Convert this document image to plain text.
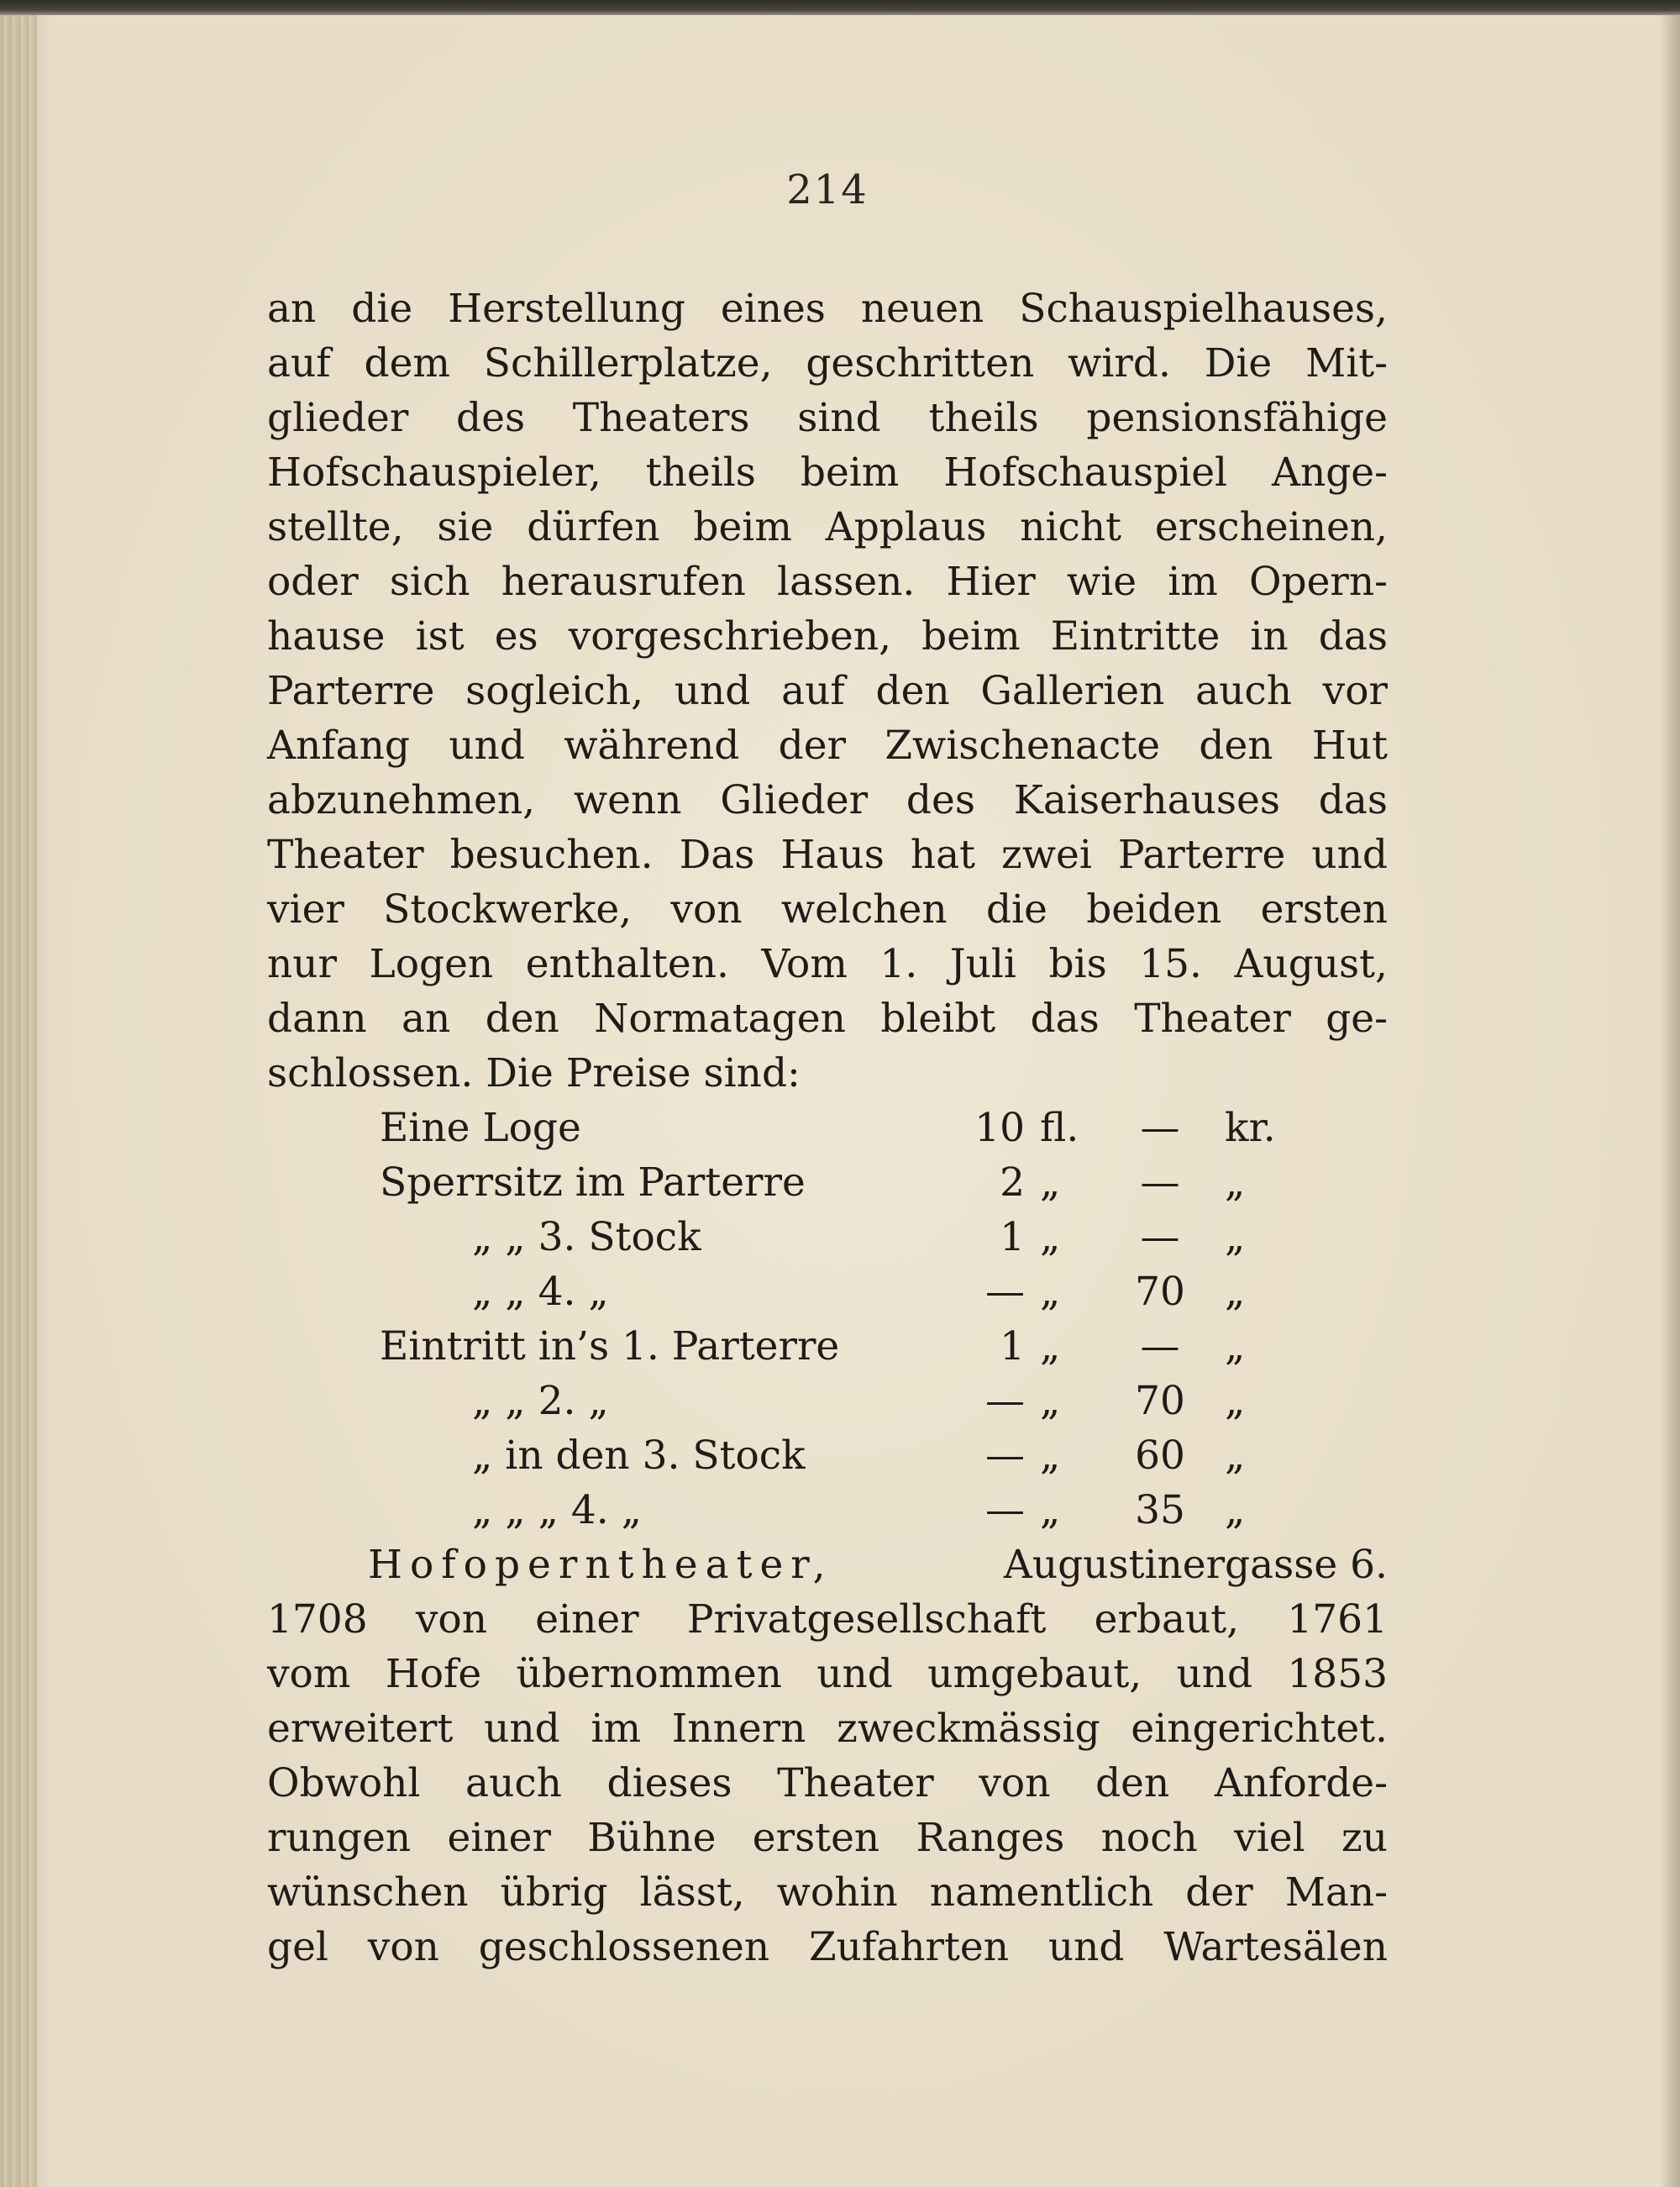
214
an die Herstellung eines neuen Schauspielhauses,
auf dem Schillerplatze, geschritten wird. Die Mit-
glieder des Theaters sind theils pensionsfähige
Hofschauspieler, theils beim Hofschauspiel Ange-
stellte, sie dürfen beim Applaus nicht erscheinen,
oder sich herausrufen lassen. Hier wie im Opern-
hause ist es vorgeschrieben, beim Eintritte in das
Parterre sogleich, und auf den Gallerien auch vor
Anfang und während der Zwischenacte den Hut
abzunehmen, wenn Glieder des Kaiserhauses das
Theater besuchen. Das Haus hat zwei Parterre und
vier Stockwerke, von welchen die beiden ersten
nur Logen enthalten. Vom 1. Juli bis 15. August,
dann an den Normatagen bleibt das Theater ge-
schlossen. Die Preise sind:
Eine Loge	10 fl.	—	kr.
Sperrsitz im Parterre	2 „	—	„
„ „ 3. Stock	1 „	—	„
„ „ 4. „	— „	70	„
Eintritt in’s 1. Parterre	1 „	—	„
„ „ 2. „	— „	70	„
„ in den 3. Stock	— „	60	„
„ „ „ 4. „	— „	35	„
Hofoperntheater,	Augustinergasse 6.
1708 von einer Privatgesellschaft erbaut, 1761
vom Hofe übernommen und umgebaut, und 1853
erweitert und im Innern zweckmässig eingerichtet.
Obwohl auch dieses Theater von den Anforde-
rungen einer Bühne ersten Ranges noch viel zu
wünschen übrig lässt, wohin namentlich der Man-
gel von geschlossenen Zufahrten und Wartesälen
